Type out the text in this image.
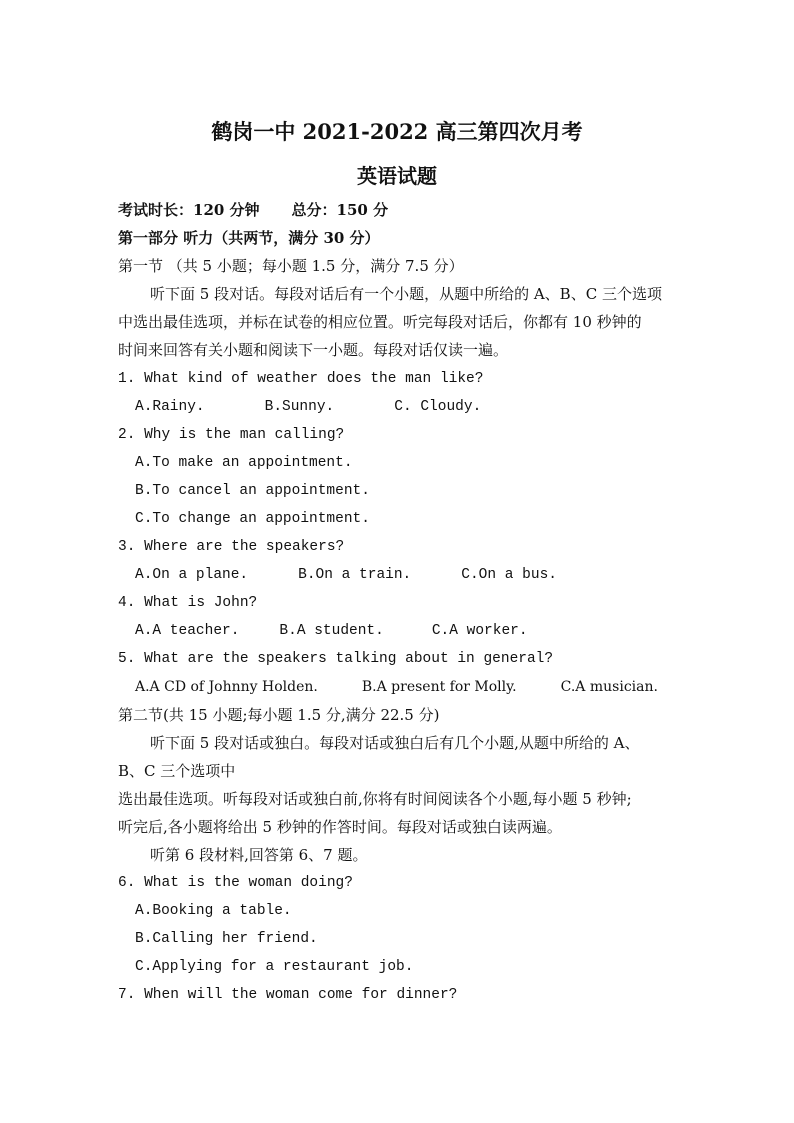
鹤岗一中 2021-2022 高三第四次月考
英语试题
考试时长：120 分钟 总分：150 分
第一部分 听力（共两节，满分 30 分）
第一节 （共 5 小题；每小题 1.5 分，满分 7.5 分）
听下面 5 段对话。每段对话后有一个小题，从题中所给的 A、B、C 三个选项
中选出最佳选项，并标在试卷的相应位置。听完每段对话后，你都有 10 秒钟的
时间来回答有关小题和阅读下一小题。每段对话仅读一遍。
1. What kind of weather does the man like?
A.Rainy.	B.Sunny.	C. Cloudy.
2. Why is the man calling?
A.To make an appointment.
B.To cancel an appointment.
C.To change an appointment.
3. Where are the speakers?
A.On a plane.	B.On a train.	C.On a bus.
4. What is John?
A.A teacher.	B.A student.	C.A worker.
5. What are the speakers talking about in general?
A.A CD of Johnny Holden.	B.A present for Molly.	C.A musician.
第二节(共 15 小题;每小题 1.5 分,满分 22.5 分)
听下面 5 段对话或独白。每段对话或独白后有几个小题,从题中所给的 A、
B、C 三个选项中
选出最佳选项。听每段对话或独白前,你将有时间阅读各个小题,每小题 5 秒钟;
听完后,各小题将给出 5 秒钟的作答时间。每段对话或独白读两遍。
听第 6 段材料,回答第 6、7 题。
6. What is the woman doing?
A.Booking a table.
B.Calling her friend.
C.Applying for a restaurant job.
7. When will the woman come for dinner?
